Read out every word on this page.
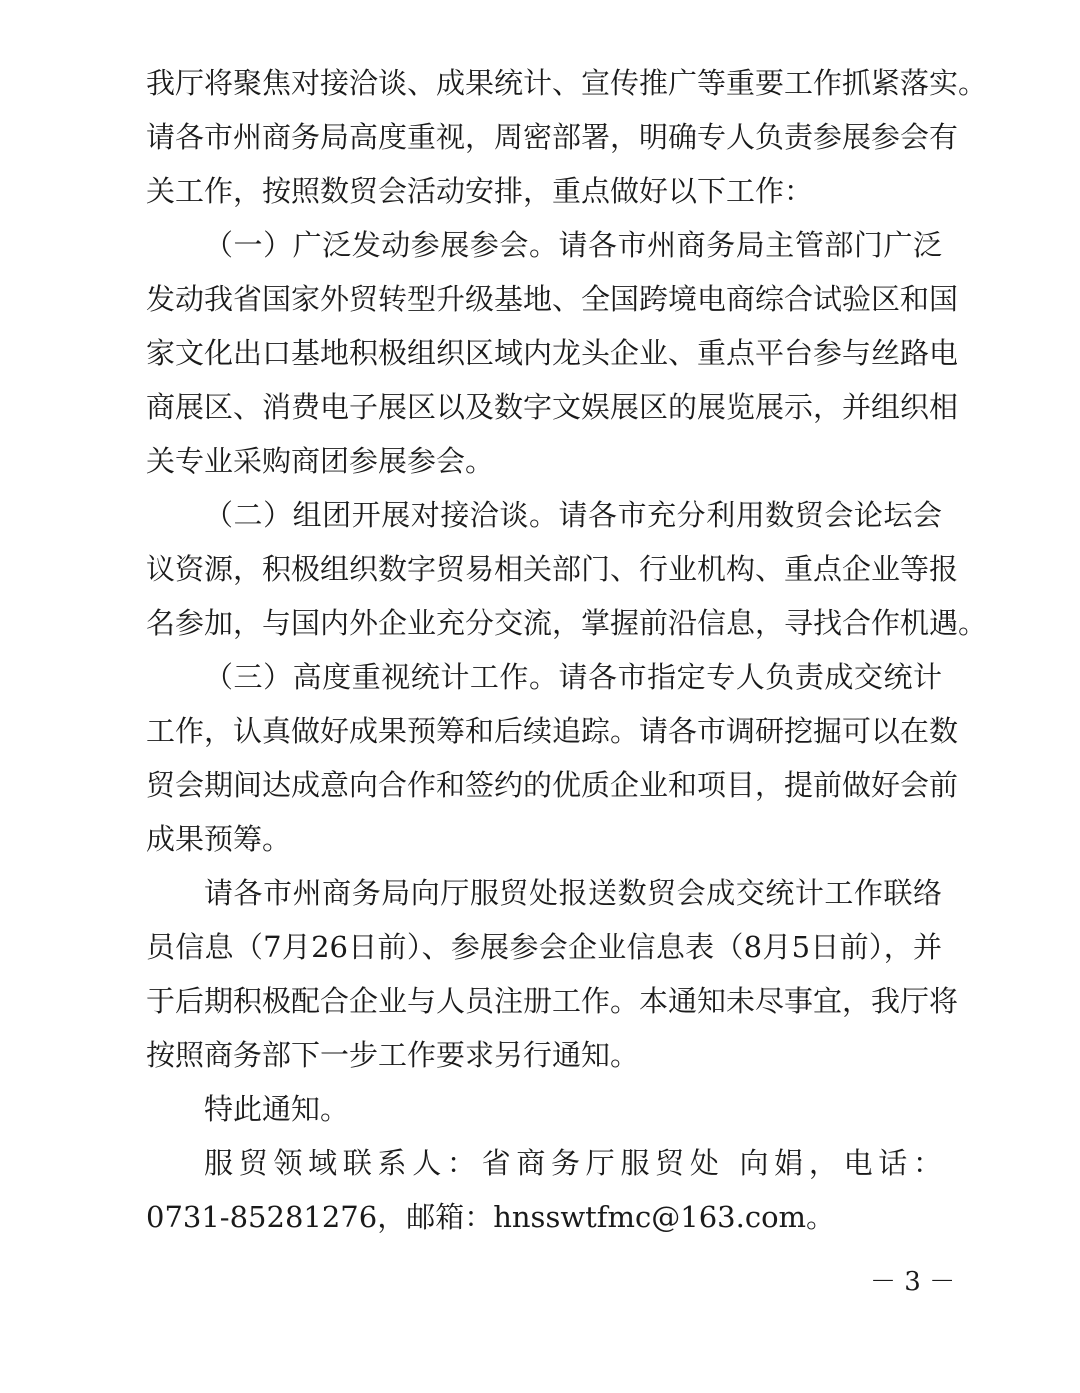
我厅将聚焦对接洽谈、成果统计、宣传推广等重要工作抓紧落实。
请各市州商务局高度重视，周密部署，明确专人负责参展参会有
关工作，按照数贸会活动安排，重点做好以下工作：
（一）广泛发动参展参会。请各市州商务局主管部门广泛
发动我省国家外贸转型升级基地、全国跨境电商综合试验区和国
家文化出口基地积极组织区域内龙头企业、重点平台参与丝路电
商展区、消费电子展区以及数字文娱展区的展览展示，并组织相
关专业采购商团参展参会。
（二）组团开展对接洽谈。请各市充分利用数贸会论坛会
议资源，积极组织数字贸易相关部门、行业机构、重点企业等报
名参加，与国内外企业充分交流，掌握前沿信息，寻找合作机遇。
（三）高度重视统计工作。请各市指定专人负责成交统计
工作，认真做好成果预筹和后续追踪。请各市调研挖掘可以在数
贸会期间达成意向合作和签约的优质企业和项目，提前做好会前
成果预筹。
请各市州商务局向厅服贸处报送数贸会成交统计工作联络
员信息（7月26日前）、参展参会企业信息表（8月5日前），并
于后期积极配合企业与人员注册工作。本通知未尽事宜，我厅将
按照商务部下一步工作要求另行通知。
特此通知。
服贸领域联系人：省商务厅服贸处 向娟，电话：
0731-85281276，邮箱：hnsswtfmc@163.com。
－ 3 －
